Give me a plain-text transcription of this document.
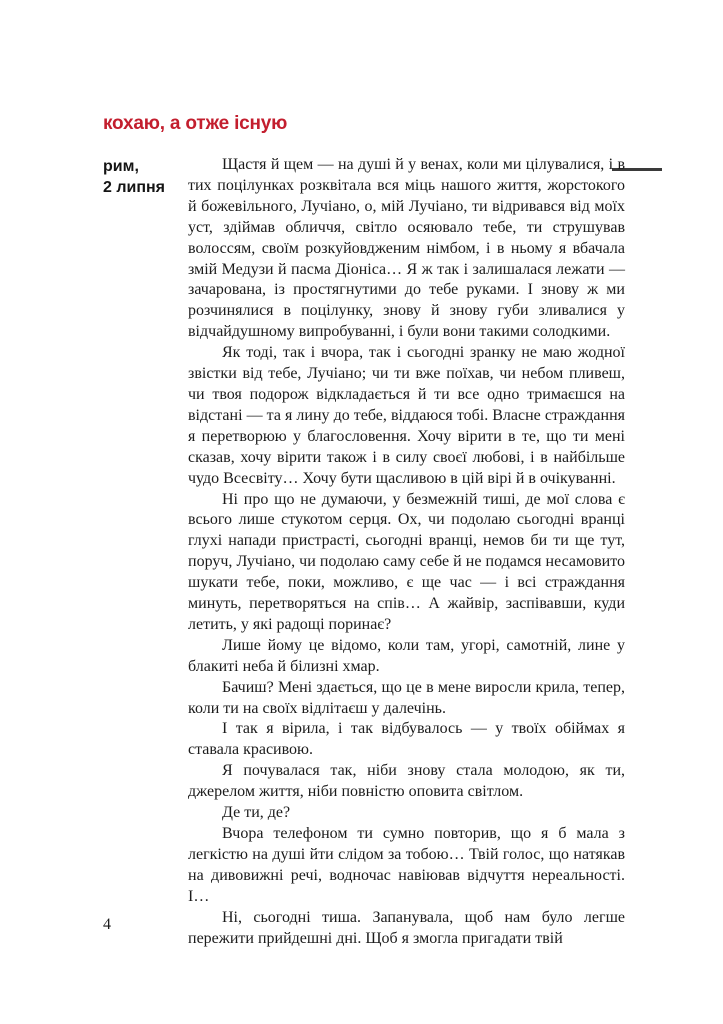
кохаю, а отже існую
рим,
2 липня

Щастя й щем — на душі й у венах, коли ми цілувалися, і в тих поцілунках розквітала вся міць нашого життя, жорстокого й божевільного, Лучіано, о, мій Лучіано, ти відривався від моїх уст, здіймав обличчя, світло осяювало тебе, ти струшував волоссям, своїм розкуйовдженим німбом, і в ньому я вбачала змій Медузи й пасма Діоніса… Я ж так і залишалася лежати — зачарована, із простягнутими до тебе руками. І знову ж ми розчинялися в поцілунку, знову й знову губи зливалися у відчайдушному випробуванні, і були вони такими солодкими.

Як тоді, так і вчора, так і сьогодні зранку не маю жодної звістки від тебе, Лучіано; чи ти вже поїхав, чи небом пливеш, чи твоя подорож відкладається й ти все одно тримаєшся на відстані — та я лину до тебе, віддаюся тобі. Власне страждання я перетворюю у благословення. Хочу вірити в те, що ти мені сказав, хочу вірити також і в силу своєї любові, і в найбільше чудо Всесвіту… Хочу бути щасливою в цій вірі й в очікуванні.

Ні про що не думаючи, у безмежній тиші, де мої слова є всього лише стукотом серця. Ох, чи подолаю сьогодні вранці глухі напади пристрасті, сьогодні вранці, немов би ти ще тут, поруч, Лучіано, чи подолаю саму себе й не подамся несамовито шукати тебе, поки, можливо, є ще час — і всі страждання минуть, перетворяться на спів… А жайвір, заспівавши, куди летить, у які радощі поринає?

Лише йому це відомо, коли там, угорі, самотній, лине у блакиті неба й білизні хмар.

Бачиш? Мені здається, що це в мене виросли крила, тепер, коли ти на своїх відлітаєш у далечінь.

І так я вірила, і так відбувалось — у твоїх обіймах я ставала красивою.

Я почувалася так, ніби знову стала молодою, як ти, джерелом життя, ніби повністю оповита світлом.

Де ти, де?

Вчора телефоном ти сумно повторив, що я б мала з легкістю на душі йти слідом за тобою… Твій голос, що натякав на дивовижні речі, водночас навіював відчуття нереальності. І…

Ні, сьогодні тиша. Запанувала, щоб нам було легше пережити прийдешні дні. Щоб я змогла пригадати твій

4
